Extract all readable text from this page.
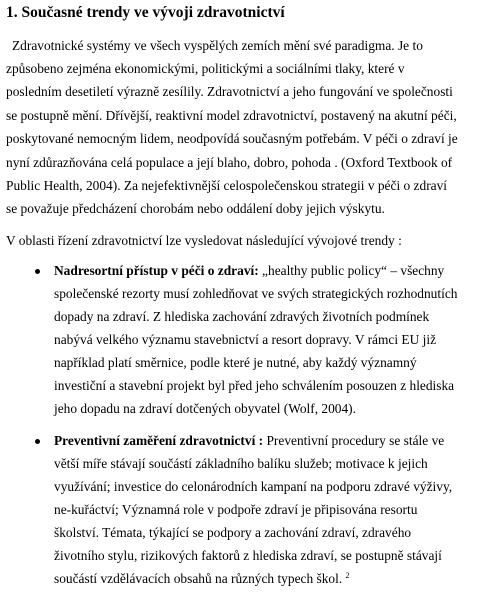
1. Současné trendy ve vývoji zdravotnictví

Zdravotnické systémy ve všech vyspělých zemích mění své paradigma. Je to

způsobeno zejména ekonomickými, politickými a sociálními tlaky, které v

posledním desetiletí výrazně zesílily. Zdravotnictví a jeho fungování ve společnosti

se postupně mění. Dřívější, reaktivní model zdravotnictví, postavený na akutní péči,

poskytované nemocným lidem, neodpovídá současným potřebám. V péči o zdraví je

nyní zdůrazňována celá populace a její blaho, dobro, pohoda . (Oxford Textbook of

Public Health, 2004). Za nejefektivnější celospolečenskou strategii v péči o zdraví

se považuje předcházení chorobám nebo oddálení doby jejich výskytu.

V oblasti řízení zdravotnictví lze vysledovat následující vývojové trendy :

Nadresortní přístup v péči o zdraví: „healthy public policy“ – všechny

společenské rezorty musí zohledňovat ve svých strategických rozhodnutích

dopady na zdraví. Z hlediska zachování zdravých životních podmínek

nabývá velkého významu stavebnictví a resort dopravy. V rámci EU již

například platí směrnice, podle které je nutné, aby každý významný

investiční a stavební projekt byl před jeho schválením posouzen z hlediska

jeho dopadu na zdraví dotčených obyvatel (Wolf, 2004).

Preventivní zaměření zdravotnictví : Preventivní procedury se stále ve

větší míře stávají součástí základního balíku služeb; motivace k jejich

využívání; investice do celonárodních kampaní na podporu zdravé výživy,

ne-kuřáctví; Významná role v podpoře zdraví je připisována resortu

školství. Témata, týkající se podpory a zachování zdraví, zdravého

životního stylu, rizikových faktorů z hlediska zdraví, se postupně stávají

součástí vzdělávacích obsahů na různých typech škol. $^2$
